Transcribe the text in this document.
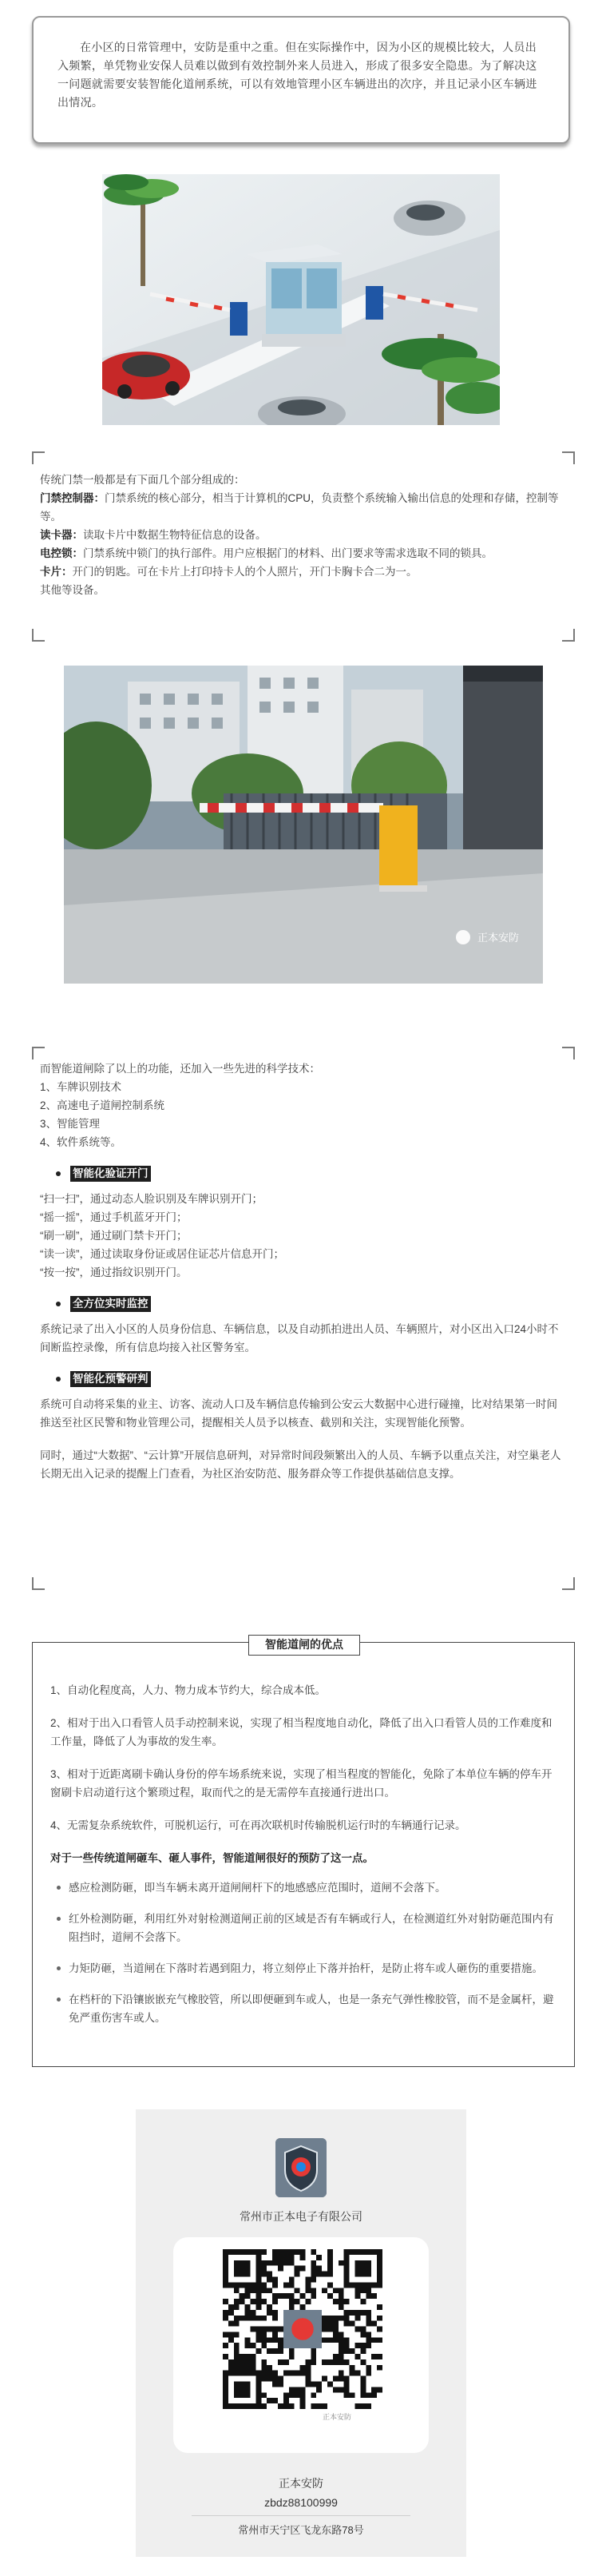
在小区的日常管理中，安防是重中之重。但在实际操作中，因为小区的规模比较大，人员出入频繁，单凭物业安保人员难以做到有效控制外来人员进入，形成了很多安全隐患。为了解决这一问题就需要安装智能化道闸系统，可以有效地管理小区车辆进出的次序，并且记录小区车辆进出情况。

传统门禁一般都是有下面几个部分组成的：

门禁控制器：门禁系统的核心部分，相当于计算机的CPU，负责整个系统输入输出信息的处理和存储，控制等等。

读卡器：读取卡片中数据生物特征信息的设备。

电控锁：门禁系统中锁门的执行部件。用户应根据门的材料、出门要求等需求选取不同的锁具。

卡片：开门的钥匙。可在卡片上打印持卡人的个人照片，开门卡胸卡合二为一。

其他等设备。

正本安防

而智能道闸除了以上的功能，还加入一些先进的科学技术：

1、车牌识别技术

2、高速电子道闸控制系统

3、智能管理

4、软件系统等。

智能化验证开门

“扫一扫”，通过动态人脸识别及车牌识别开门；

“摇一摇”，通过手机蓝牙开门；

“刷一刷”，通过刷门禁卡开门；

“读一读”，通过读取身份证或居住证芯片信息开门；

“按一按”，通过指纹识别开门。

全方位实时监控

系统记录了出入小区的人员身份信息、车辆信息，以及自动抓拍进出人员、车辆照片，对小区出入口24小时不间断监控录像，所有信息均接入社区警务室。

智能化预警研判

系统可自动将采集的业主、访客、流动人口及车辆信息传输到公安云大数据中心进行碰撞，比对结果第一时间推送至社区民警和物业管理公司，提醒相关人员予以核查、截别和关注，实现智能化预警。

同时，通过“大数据”、“云计算”开展信息研判，对异常时间段频繁出入的人员、车辆予以重点关注，对空巢老人长期无出入记录的提醒上门查看，为社区治安防范、服务群众等工作提供基础信息支撑。

智能道闸的优点

1、自动化程度高，人力、物力成本节约大，综合成本低。

2、相对于出入口看管人员手动控制来说，实现了相当程度地自动化，降低了出入口看管人员的工作难度和工作量，降低了人为事故的发生率。

3、相对于近距离刷卡确认身份的停车场系统来说，实现了相当程度的智能化，免除了本单位车辆的停车开窗刷卡启动道行这个繁琐过程，取而代之的是无需停车直接通行进出口。

4、无需复杂系统软件，可脱机运行，可在再次联机时传输脱机运行时的车辆通行记录。

对于一些传统道闸砸车、砸人事件，智能道闸很好的预防了这一点。

感应检测防砸，即当车辆未离开道闸闸杆下的地感感应范围时，道闸不会落下。
红外检测防砸，利用红外对射检测道闸正前的区域是否有车辆或行人，在检测道红外对射防砸范围内有阻挡时，道闸不会落下。
力矩防砸，当道闸在下落时若遇到阻力，将立刻停止下落并抬杆，是防止将车或人砸伤的重要措施。
在档杆的下沿镶嵌嵌充气橡胶管，所以即便砸到车或人，也是一条充气弹性橡胶管，而不是金属杆，避免严重伤害车或人。
常州市正本电子有限公司
正本安防
正本安防
zbdz88100999
常州市天宁区飞龙东路78号
